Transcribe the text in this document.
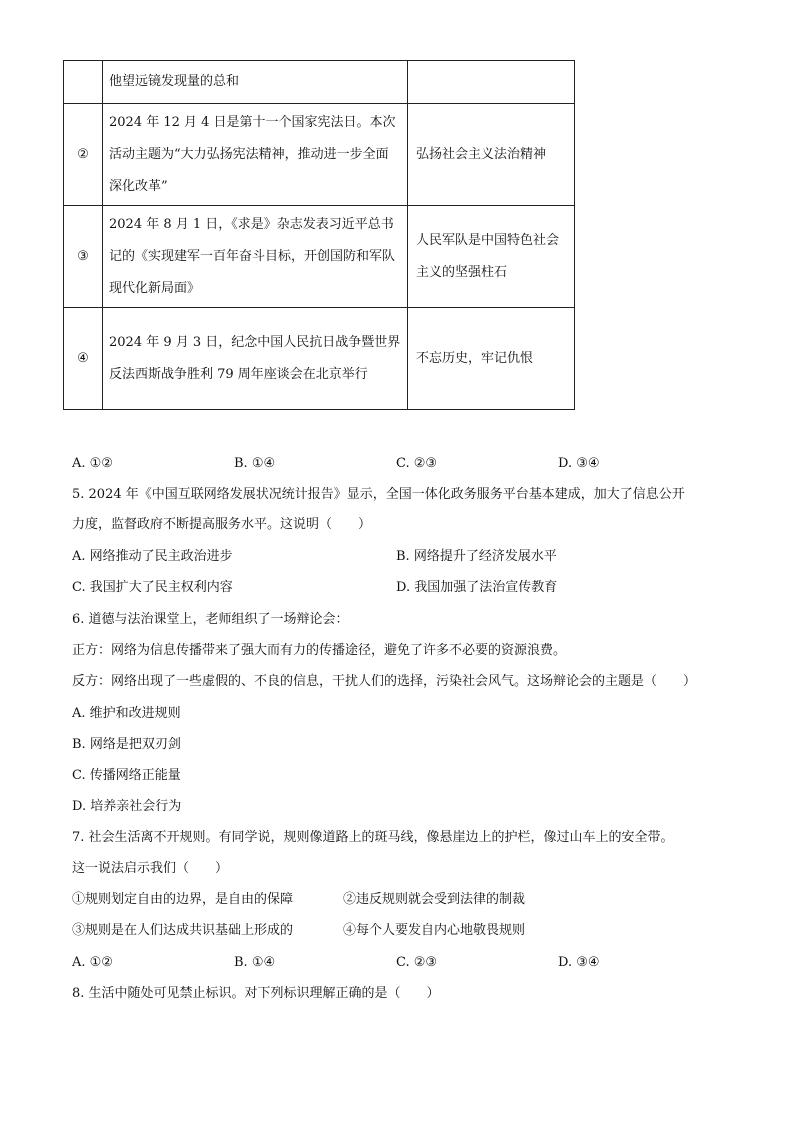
	他望远镜发现量的总和	
②	2024 年 12 月 4 日是第十一个国家宪法日。本次活动主题为“大力弘扬宪法精神，推动进一步全面深化改革”	弘扬社会主义法治精神
③	2024 年 8 月 1 日，《求是》杂志发表习近平总书记的《实现建军一百年奋斗目标，开创国防和军队现代化新局面》	人民军队是中国特色社会主义的坚强柱石
④	2024 年 9 月 3 日，纪念中国人民抗日战争暨世界反法西斯战争胜利 79 周年座谈会在北京举行	不忘历史，牢记仇恨
A. ①②	B. ①④	C. ②③	D. ③④
5. 2024 年《中国互联网络发展状况统计报告》显示，全国一体化政务服务平台基本建成，加大了信息公开
力度，监督政府不断提高服务水平。这说明（　　）
A. 网络推动了民主政治进步	B. 网络提升了经济发展水平
C. 我国扩大了民主权利内容	D. 我国加强了法治宣传教育
6. 道德与法治课堂上，老师组织了一场辩论会：
正方：网络为信息传播带来了强大而有力的传播途径，避免了许多不必要的资源浪费。
反方：网络出现了一些虚假的、不良的信息，干扰人们的选择，污染社会风气。这场辩论会的主题是（　　）
A. 维护和改进规则
B. 网络是把双刃剑
C. 传播网络正能量
D. 培养亲社会行为
7. 社会生活离不开规则。有同学说，规则像道路上的斑马线，像悬崖边上的护栏，像过山车上的安全带。
这一说法启示我们（　　）
①规则划定自由的边界，是自由的保障	②违反规则就会受到法律的制裁
③规则是在人们达成共识基础上形成的	④每个人要发自内心地敬畏规则
A. ①②	B. ①④	C. ②③	D. ③④
8. 生活中随处可见禁止标识。对下列标识理解正确的是（　　）
